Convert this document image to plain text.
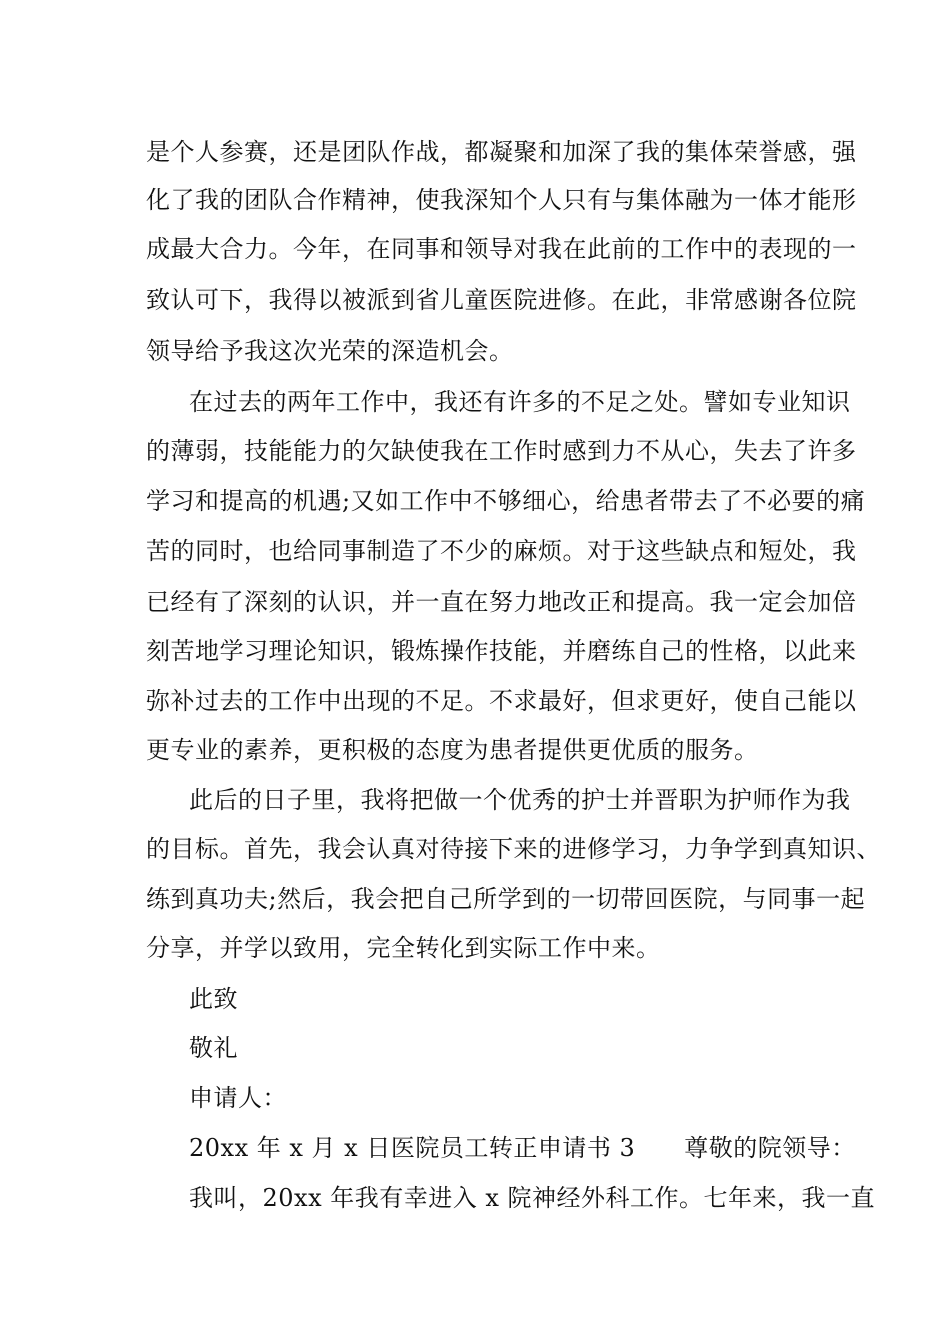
是个人参赛，还是团队作战，都凝聚和加深了我的集体荣誉感，强
化了我的团队合作精神，使我深知个人只有与集体融为一体才能形
成最大合力。今年，在同事和领导对我在此前的工作中的表现的一
致认可下，我得以被派到省儿童医院进修。在此，非常感谢各位院
领导给予我这次光荣的深造机会。
在过去的两年工作中，我还有许多的不足之处。譬如专业知识
的薄弱，技能能力的欠缺使我在工作时感到力不从心，失去了许多
学习和提高的机遇;又如工作中不够细心，给患者带去了不必要的痛
苦的同时，也给同事制造了不少的麻烦。对于这些缺点和短处，我
已经有了深刻的认识，并一直在努力地改正和提高。我一定会加倍
刻苦地学习理论知识，锻炼操作技能，并磨练自己的性格，以此来
弥补过去的工作中出现的不足。不求最好，但求更好，使自己能以
更专业的素养，更积极的态度为患者提供更优质的服务。
此后的日子里，我将把做一个优秀的护士并晋职为护师作为我
的目标。首先，我会认真对待接下来的进修学习，力争学到真知识、
练到真功夫;然后，我会把自己所学到的一切带回医院，与同事一起
分享，并学以致用，完全转化到实际工作中来。
此致
敬礼
申请人：
20xx 年 x 月 x 日医院员工转正申请书 3　　尊敬的院领导：
我叫，20xx 年我有幸进入 x 院神经外科工作。七年来，我一直
